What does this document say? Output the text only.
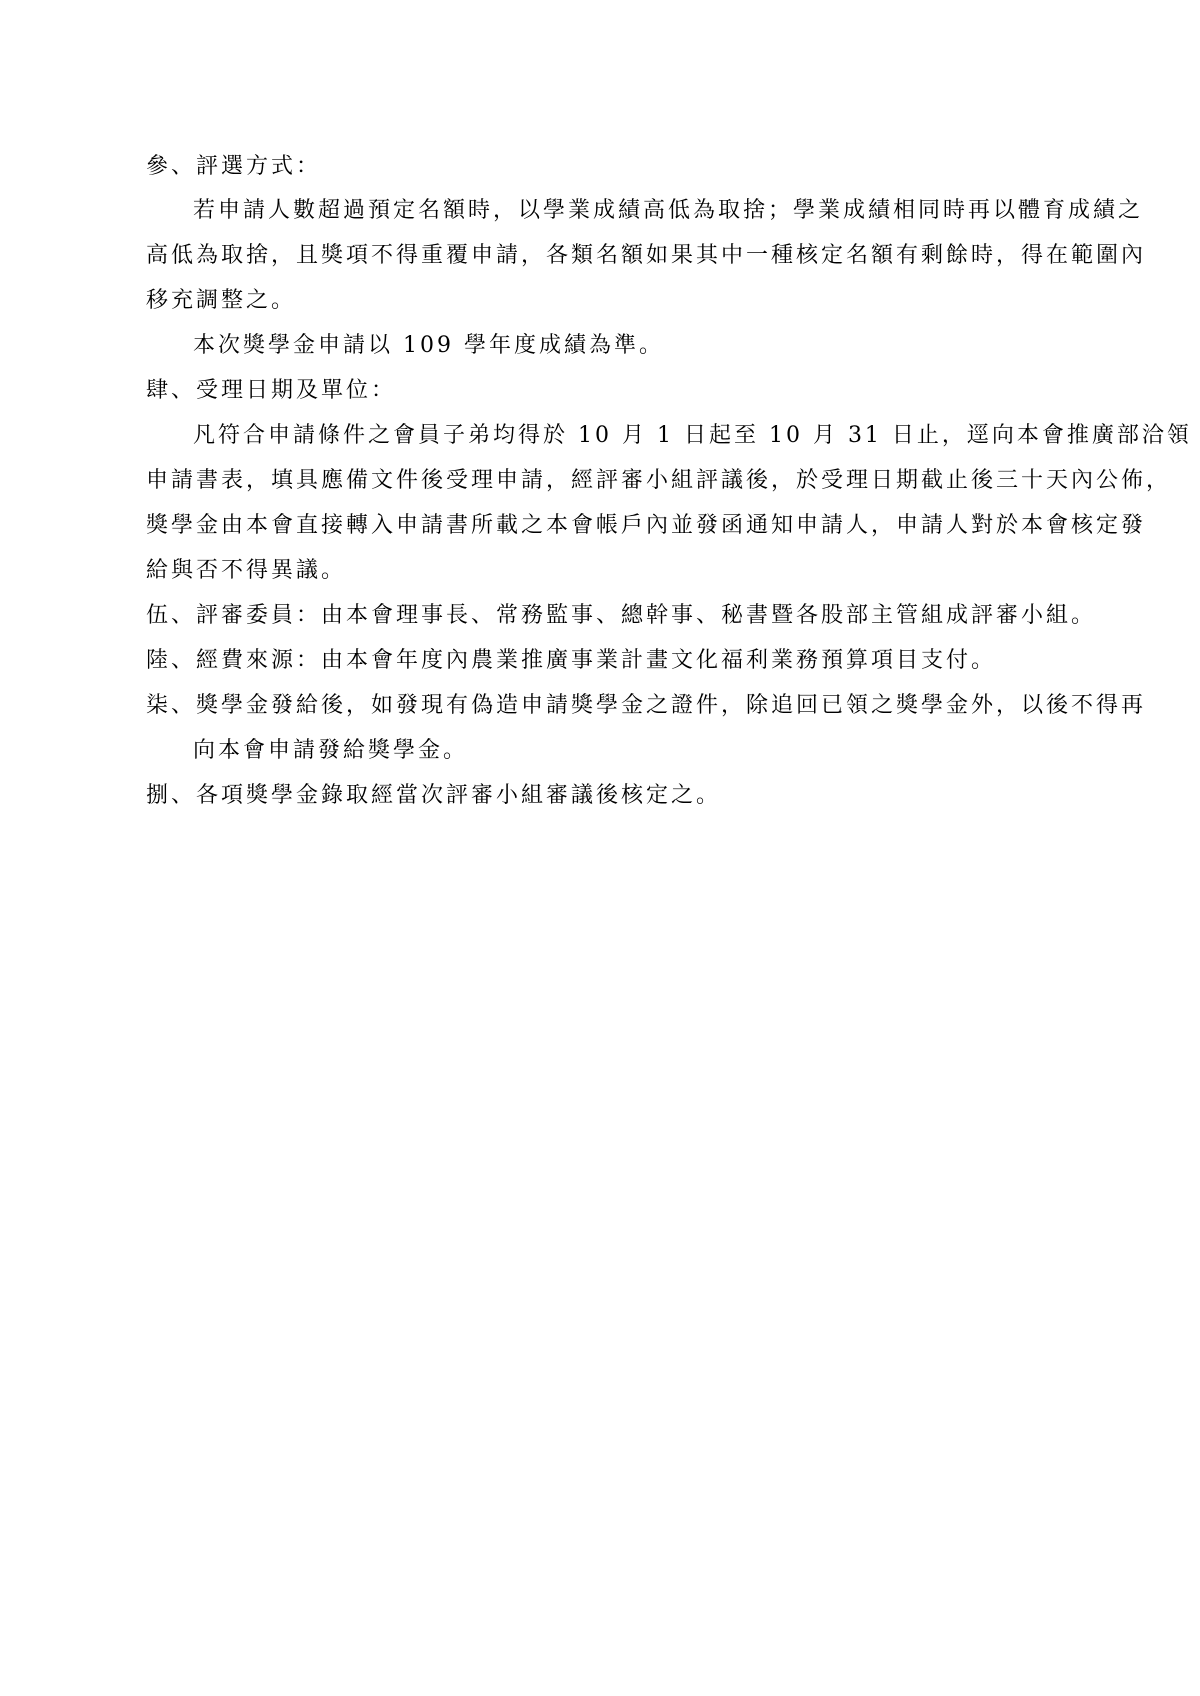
參、評選方式：
若申請人數超過預定名額時，以學業成績高低為取捨；學業成績相同時再以體育成績之
高低為取捨，且獎項不得重覆申請，各類名額如果其中一種核定名額有剩餘時，得在範圍內
移充調整之。
本次獎學金申請以 109 學年度成績為準。
肆、受理日期及單位：
凡符合申請條件之會員子弟均得於 10 月 1 日起至 10 月 31 日止，逕向本會推廣部洽領
申請書表，填具應備文件後受理申請，經評審小組評議後，於受理日期截止後三十天內公佈，
獎學金由本會直接轉入申請書所載之本會帳戶內並發函通知申請人，申請人對於本會核定發
給與否不得異議。
伍、評審委員：由本會理事長、常務監事、總幹事、秘書暨各股部主管組成評審小組。
陸、經費來源：由本會年度內農業推廣事業計畫文化福利業務預算項目支付。
柒、獎學金發給後，如發現有偽造申請獎學金之證件，除追回已領之獎學金外，以後不得再
向本會申請發給獎學金。
捌、各項獎學金錄取經當次評審小組審議後核定之。
